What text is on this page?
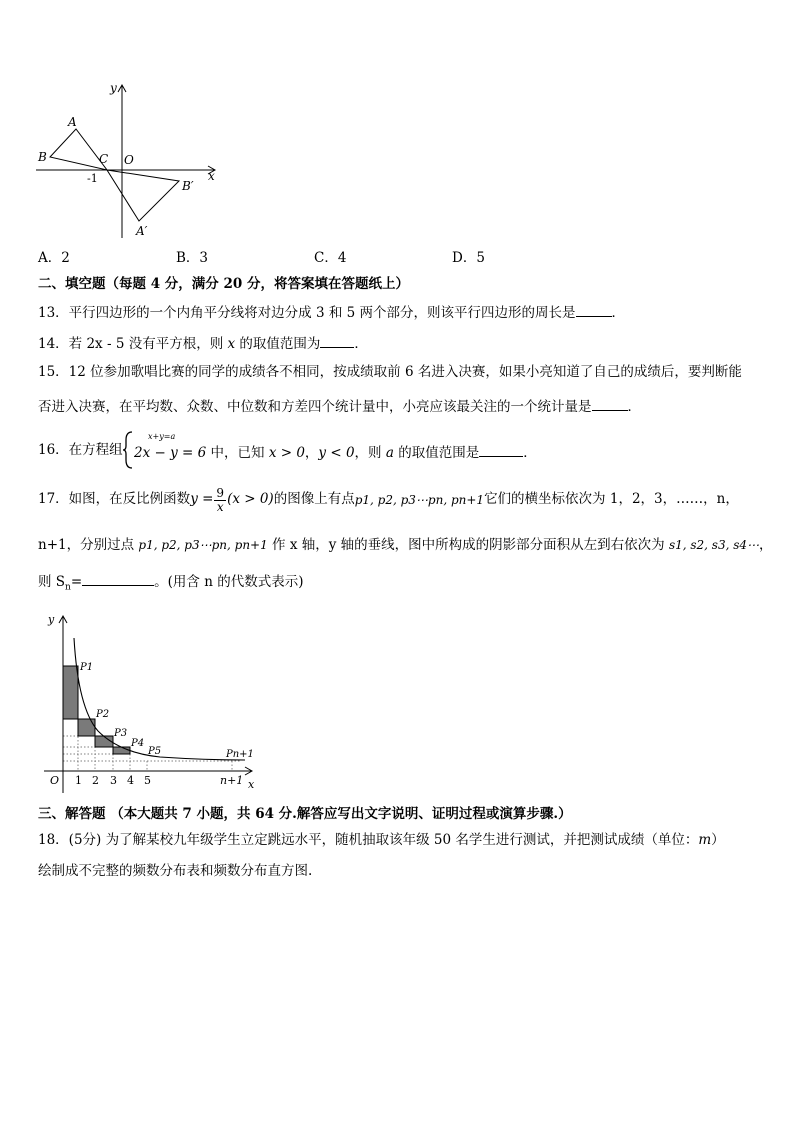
y
x
A
B	C O
-1
B′
A′
A．2	B．3	C．4	D．5
二、填空题（每题 4 分，满分 20 分，将答案填在答题纸上）
13．平行四边形的一个内角平分线将对边分成 3 和 5 两个部分，则该平行四边形的周长是	．
14．若 2x - 5 没有平方根，则 x 的取值范围为	．
15．12 位参加歌唱比赛的同学的成绩各不相同，按成绩取前 6 名进入决赛，如果小亮知道了自己的成绩后，要判断能
否进入决赛，在平均数、众数、中位数和方差四个统计量中，小亮应该最关注的一个统计量是	．
16．在方程组
x+y=a
2x − y = 6 中，已知 x > 0，y < 0，则 a 的取值范围是	．
17．如图，在反比例函数 $y = \frac{9}{x} (x > 0)$ 的图像上有点 p1, p2, p3⋯pn, pn+1 它们的横坐标依次为 1，2，3，……，n，
n+1，分别过点 p1, p2, p3⋯pn, pn+1 作 x 轴，y 轴的垂线，图中所构成的阴影部分面积从左到右依次为 s1, s2, s3, s4⋯，
则 $S_n=$	。(用含 n 的代数式表示)
y
x
O 1 2 3 4 5	n+1
P1
P2
P3
P4
P5	Pn+1
三、解答题 （本大题共 7 小题，共 64 分.解答应写出文字说明、证明过程或演算步骤.）
18．(5分) 为了解某校九年级学生立定跳远水平，随机抽取该年级 50 名学生进行测试，并把测试成绩（单位：m）
绘制成不完整的频数分布表和频数分布直方图.
